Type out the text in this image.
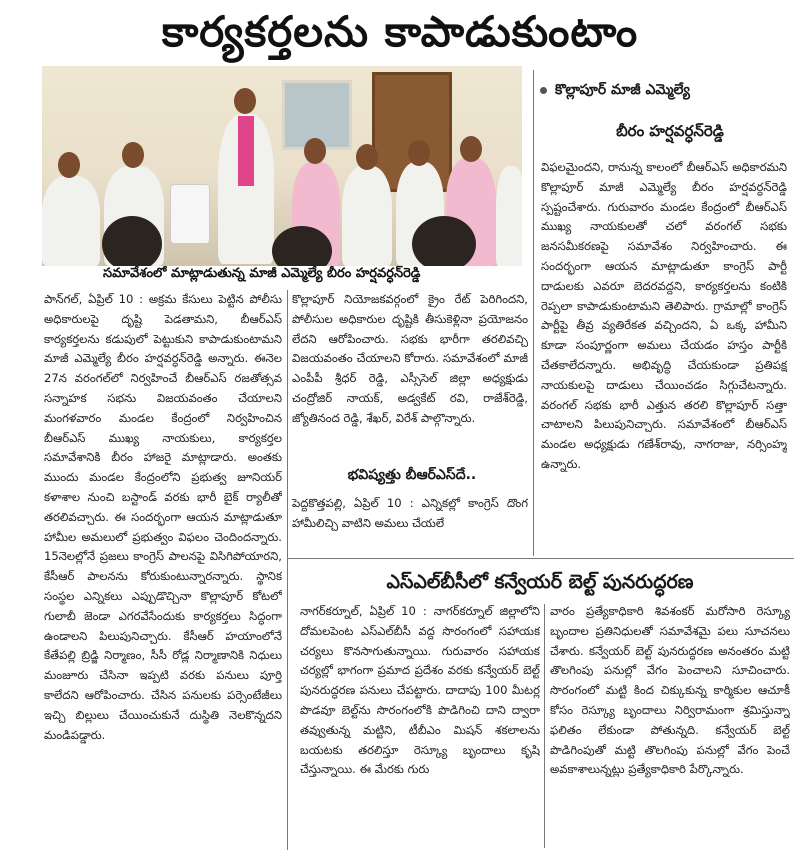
కార్యకర్తలను కాపాడుకుంటాం
సమావేశంలో మాట్లాడుతున్న మాజీ ఎమ్మెల్యే బీరం హర్షవర్ధన్‌రెడ్డి
కొల్లాపూర్ మాజీ ఎమ్మెల్యే
బీరం హర్షవర్ధన్‌రెడ్డి

విఫలమైందని, రానున్న కాలంలో బీఆర్ఎస్ అధికారమని కొల్లాపూర్ మాజీ ఎమ్మెల్యే బీరం హర్షవర్ధన్‌రెడ్డి స్పష్టంచేశారు. గురువారం మండల కేంద్రంలో బీఆర్ఎస్ ముఖ్య నాయకులతో చలో వరంగల్ సభకు జనసమీకరణపై సమావేశం నిర్వహించారు. ఈ సందర్భంగా ఆయన మాట్లాడుతూ కాంగ్రెస్ పార్టీ దాడులకు ఎవరూ బెదరవద్దని, కార్యకర్తలను కంటికి రెప్పలా కాపాడుకుంటామని తెలిపారు. గ్రామాల్లో కాంగ్రెస్ పార్టీపై తీవ్ర వ్యతిరేకత వచ్చిందని, ఏ ఒక్క హామీని కూడా సంపూర్ణంగా అమలు చేయడం హస్తం పార్టీకి చేతకాలేదన్నారు. అభివృద్ధి చేయకుండా ప్రతిపక్ష నాయకులపై దాడులు చేయించడం సిగ్గుచేటన్నారు. వరంగల్ సభకు భారీ ఎత్తున తరలి కొల్లాపూర్ సత్తా చాటాలని పిలుపునిచ్చారు. సమావేశంలో బీఆర్ఎస్ మండల అధ్యక్షుడు గణేశ్‌రావు, నాగరాజు, నర్సింహ్మ ఉన్నారు.

పాన్‌గల్, ఏప్రిల్ 10 : అక్రమ కేసులు పెట్టిన పోలీసు అధికారులపై దృష్టి పెడతామని, బీఆర్ఎస్ కార్యకర్తలను కడుపులో పెట్టుకుని కాపాడుకుంటామని మాజీ ఎమ్మెల్యే బీరం హర్షవర్ధన్‌రెడ్డి అన్నారు. ఈనెల 27న వరంగల్‌లో నిర్వహించే బీఆర్ఎస్ రజతోత్సవ సన్నాహక సభను విజయవంతం చేయాలని మంగళవారం మండల కేంద్రంలో నిర్వహించిన బీఆర్ఎస్ ముఖ్య నాయకులు, కార్యకర్తల సమావేశానికి బీరం హాజరై మాట్లాడారు. అంతకు ముందు మండల కేంద్రంలోని ప్రభుత్వ జూనియర్ కళాశాల నుంచి బస్టాండ్ వరకు భారీ బైక్ ర్యాలీతో తరలివచ్చారు. ఈ సందర్భంగా ఆయన మాట్లాడుతూ హామీల అమలులో ప్రభుత్వం విఫలం చెందిందన్నారు. 15నెలల్లోనే ప్రజలు కాంగ్రెస్ పాలనపై విసిగిపోయారని, కేసీఆర్ పాలనను కోరుకుంటున్నారన్నారు. స్థానిక సంస్థల ఎన్నికలు ఎప్పుడొచ్చినా కొల్లాపూర్ కోటలో గులాబీ జెండా ఎగరవేసేందుకు కార్యకర్తలు సిద్ధంగా ఉండాలని పిలుపునిచ్చారు. కేసీఆర్ హయాంలోనే కేతేపల్లి బ్రిడ్జి నిర్మాణం, సీసీ రోడ్ల నిర్మాణానికి నిధులు మంజూరు చేసినా ఇప్పటి వరకు పనులు పూర్తి కాలేదని ఆరోపించారు. చేసిన పనులకు పర్సెంటేజీలు ఇచ్చి బిల్లులు చేయించుకునే దుస్థితి నెలకొన్నదని మండిపడ్డారు.

కొల్లాపూర్ నియోజకవర్గంలో క్రైం రేట్ పెరిగిందని, పోలీసుల అధికారుల దృష్టికి తీసుకెళ్లినా ప్రయోజనం లేదని ఆరోపించారు. సభకు భారీగా తరలివచ్చి విజయవంతం చేయాలని కోరారు. సమావేశంలో మాజీ ఎంపీపీ శ్రీధర్ రెడ్డి, ఎస్సీసెల్ జిల్లా అధ్యక్షుడు చంద్రోజిర్ నాయక్, అడ్వకేట్ రవి, రాజేశ్‌రెడ్డి, జ్యోతినంద రెడ్డి, శేఖర్, విరేశ్ పాల్గొన్నారు.

భవిష్యత్తు బీఆర్ఎస్‌దే..

పెద్దకొత్తపల్లి, ఏప్రిల్ 10 : ఎన్నికల్లో కాంగ్రెస్ దొంగ హామీలిచ్చి వాటిని అమలు చేయలే

ఎస్‌ఎల్‌బీసీలో కన్వేయర్ బెల్ట్ పునరుద్ధరణ

నాగర్‌కర్నూల్, ఏప్రిల్ 10 : నాగర్‌కర్నూల్ జిల్లాలోని దోమలపెంట ఎస్‌ఎల్‌బీసీ వద్ద సొరంగంలో సహాయక చర్యలు కొనసాగుతున్నాయి. గురువారం సహాయక చర్యల్లో భాగంగా ప్రమాద ప్రదేశం వరకు కన్వేయర్ బెల్ట్ పునరుద్ధరణ పనులు చేపట్టారు. దాదాపు 100 మీటర్ల పొడవూ బెల్ట్‌ను సొరంగంలోకి పొడిగించి దాని ద్వారా తవ్వుతున్న మట్టిని, టీబీఎం మిషన్ శకలాలను బయటకు తరలిస్తూ రెస్క్యూ బృందాలు కృషి చేస్తున్నాయి. ఈ మేరకు గురు

వారం ప్రత్యేకాధికారి శివశంకర్ మరోసారి రెస్క్యూ బృందాల ప్రతినిధులతో సమావేశమై పలు సూచనలు చేశారు. కన్వేయర్ బెల్ట్ పునరుద్ధరణ అనంతరం మట్టి తొలగింపు పనుల్లో వేగం పెంచాలని సూచించారు. సొరంగంలో మట్టి కింద చిక్కుకున్న కార్మికుల ఆచూకీ కోసం రెస్క్యూ బృందాలు నిర్విరామంగా శ్రమిస్తున్నా ఫలితం లేకుండా పోతున్నది. కన్వేయర్ బెల్ట్ పొడిగింపుతో మట్టి తొలగింపు పనుల్లో వేగం పెంచే అవకాశాలున్నట్లు ప్రత్యేకాధికారి పేర్కొన్నారు.
